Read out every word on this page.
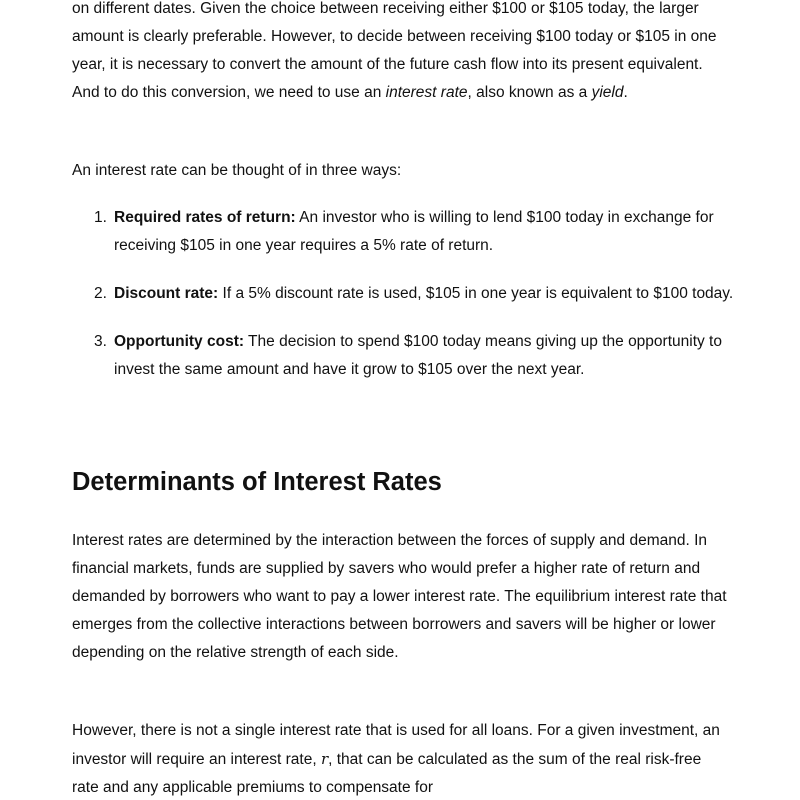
on different dates. Given the choice between receiving either $100 or $105 today, the larger amount is clearly preferable. However, to decide between receiving $100 today or $105 in one year, it is necessary to convert the amount of the future cash flow into its present equivalent. And to do this conversion, we need to use an interest rate, also known as a yield.

An interest rate can be thought of in three ways:

1. Required rates of return: An investor who is willing to lend $100 today in exchange for receiving $105 in one year requires a 5% rate of return.
2. Discount rate: If a 5% discount rate is used, $105 in one year is equivalent to $100 today.
3. Opportunity cost: The decision to spend $100 today means giving up the opportunity to invest the same amount and have it grow to $105 over the next year.
Determinants of Interest Rates

Interest rates are determined by the interaction between the forces of supply and demand. In financial markets, funds are supplied by savers who would prefer a higher rate of return and demanded by borrowers who want to pay a lower interest rate. The equilibrium interest rate that emerges from the collective interactions between borrowers and savers will be higher or lower depending on the relative strength of each side.

However, there is not a single interest rate that is used for all loans. For a given investment, an investor will require an interest rate, r, that can be calculated as the sum of the real risk-free rate and any applicable premiums to compensate for
